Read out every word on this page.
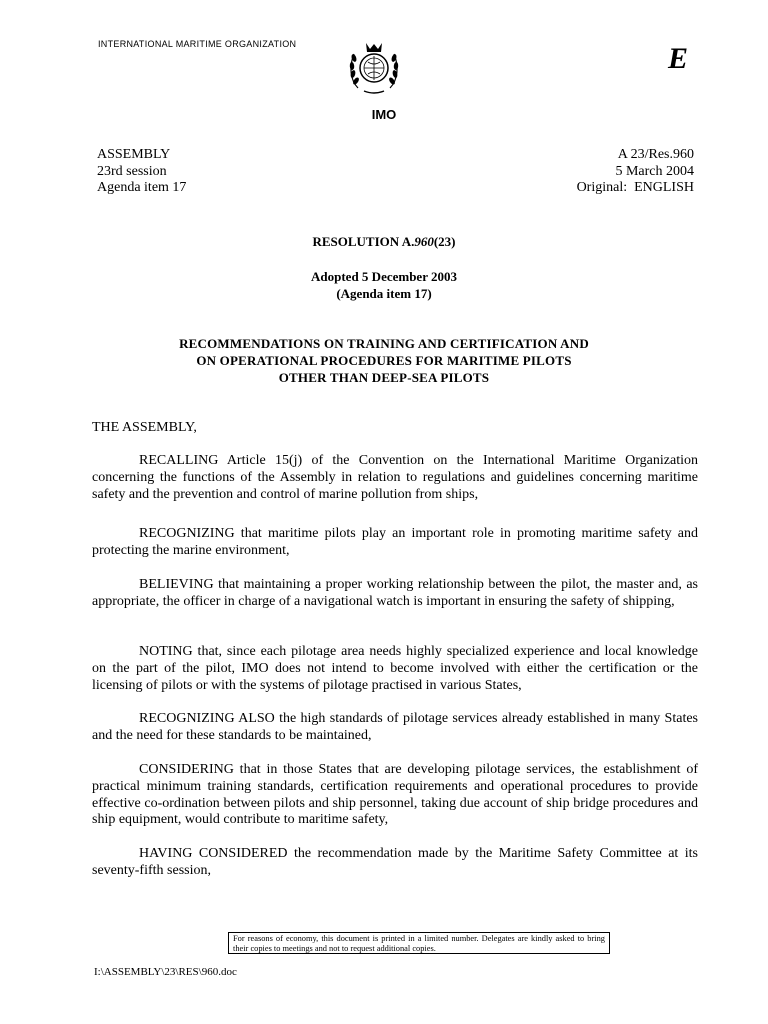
INTERNATIONAL MARITIME ORGANIZATION
IMO
E
ASSEMBLY
23rd session
Agenda item 17
A 23/Res.960
5 March 2004
Original:  ENGLISH
RESOLUTION A.960(23)
Adopted 5 December 2003
(Agenda item 17)
RECOMMENDATIONS ON TRAINING AND CERTIFICATION AND
ON OPERATIONAL PROCEDURES FOR MARITIME PILOTS
OTHER THAN DEEP-SEA PILOTS
THE ASSEMBLY,
RECALLING Article 15(j) of the Convention on the International Maritime Organization concerning the functions of the Assembly in relation to regulations and guidelines concerning maritime safety and the prevention and control of marine pollution from ships,
RECOGNIZING that maritime pilots play an important role in promoting maritime safety and protecting the marine environment,
BELIEVING that maintaining a proper working relationship between the pilot, the master and, as appropriate, the officer in charge of a navigational watch is important in ensuring the safety of shipping,
NOTING that, since each pilotage area needs highly specialized experience and local knowledge on the part of the pilot, IMO does not intend to become involved with either the certification or the licensing of pilots or with the systems of pilotage practised in various States,
RECOGNIZING ALSO the high standards of pilotage services already established in many States and the need for these standards to be maintained,
CONSIDERING that in those States that are developing pilotage services, the establishment of practical minimum training standards, certification requirements and operational procedures to provide effective co-ordination between pilots and ship personnel, taking due account of ship bridge procedures and ship equipment, would contribute to maritime safety,
HAVING CONSIDERED the recommendation made by the Maritime Safety Committee at its seventy-fifth session,
For reasons of economy, this document is printed in a limited number. Delegates are kindly asked to bring their copies to meetings and not to request additional copies.
I:\ASSEMBLY\23\RES\960.doc
